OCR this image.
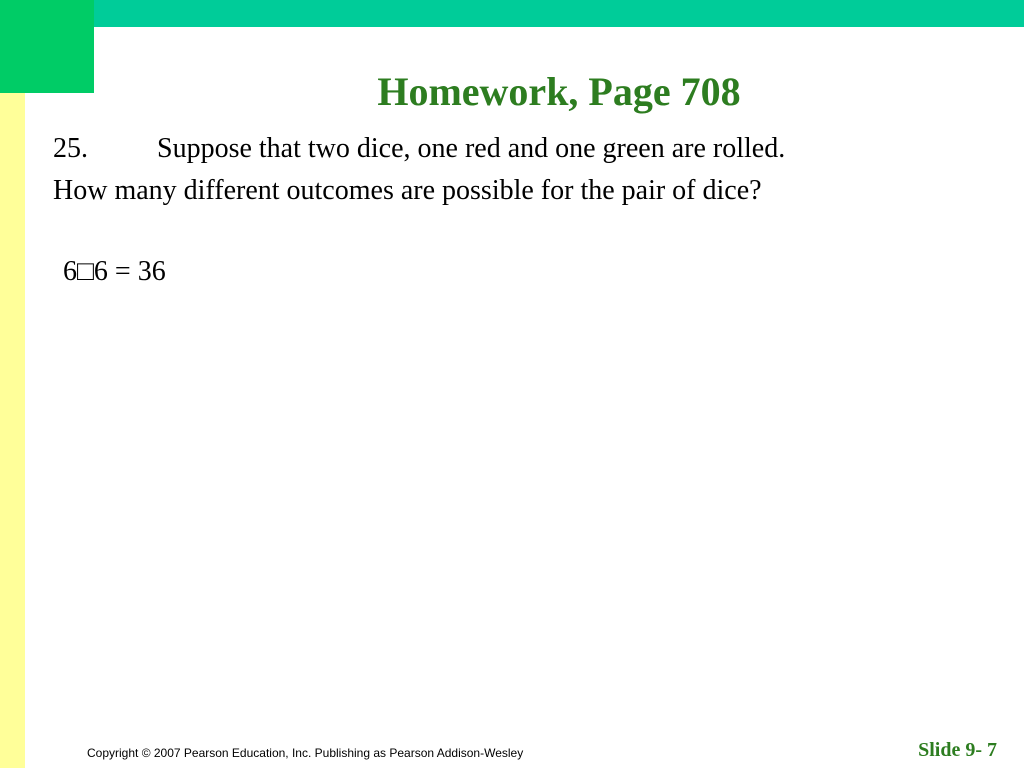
Homework, Page 708
25. Suppose that two dice, one red and one green are rolled.
How many different outcomes are possible for the pair of dice?
6□6 = 36
Copyright © 2007 Pearson Education, Inc. Publishing as Pearson Addison-Wesley	Slide 9- 7
